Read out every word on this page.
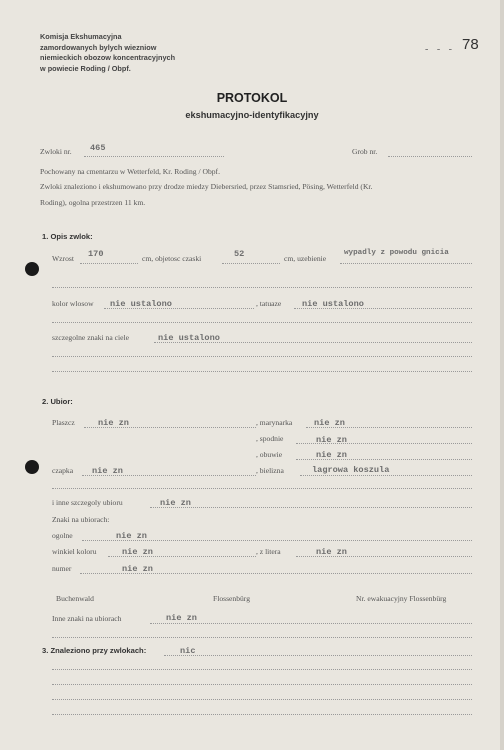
Komisja Ekshumacyjna
zamordowanych bylych wiezniow
niemieckich obozow koncentracyjnych
w powiecie Roding / Obpf.
- - - 78
PROTOKOL
ekshumacyjno-identyfikacyjny
Zwloki nr. 465	Grob nr.
Pochowany na cmentarzu w Wetterfeld, Kr. Roding / Obpf.
Zwloki znaleziono i ekshumowano przy drodze miedzy Diebersried, przez Stamsried, Pösing, Wetterfeld (Kr.
Roding), ogolna przestrzen 11 km.
1. Opis zwlok:
Wzrost 170	cm, objetosc czaski	52	cm, uzebienie
wypadly z powodu gnicia
kolor wlosow nie ustalono	, tatuaze nie ustalono
szczegolne znaki na ciele	nie ustalono
2. Ubior:
Plaszcz	nie zn	, marynarka	nie zn
, spodnie	nie zn
, obuwie	nie zn
czapka nie zn	, bielizna	lagrowa koszula
i inne szczegoly ubioru	nie zn
Znaki na ubiorach:
ogolne	nie zn
winkiel koloru	nie zn	, z litera	nie zn
numer	nie zn
Buchenwald	Flossenbürg	Nr. ewakuacyjny Flossenbürg
Inne znaki na ubiorach	nie zn
3. Znaleziono przy zwlokach:	nic
